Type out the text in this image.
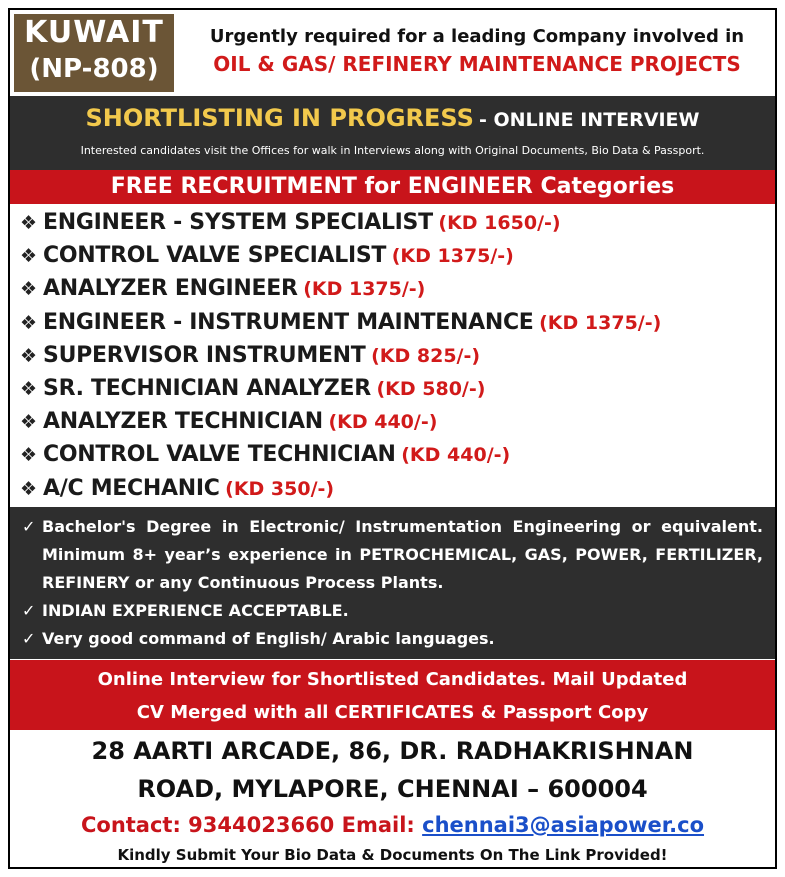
KUWAIT
(NP-808)
Urgently required for a leading Company involved in
OIL & GAS/ REFINERY MAINTENANCE PROJECTS
SHORTLISTING IN PROGRESS - ONLINE INTERVIEW
Interested candidates visit the Offices for walk in Interviews along with Original Documents, Bio Data & Passport.
FREE RECRUITMENT for ENGINEER Categories
❖ ENGINEER - SYSTEM SPECIALIST (KD 1650/-)
❖ CONTROL VALVE SPECIALIST (KD 1375/-)
❖ ANALYZER ENGINEER (KD 1375/-)
❖ ENGINEER - INSTRUMENT MAINTENANCE (KD 1375/-)
❖ SUPERVISOR INSTRUMENT (KD 825/-)
❖ SR. TECHNICIAN ANALYZER (KD 580/-)
❖ ANALYZER TECHNICIAN (KD 440/-)
❖ CONTROL VALVE TECHNICIAN (KD 440/-)
❖ A/C MECHANIC (KD 350/-)
✓ Bachelor's Degree in Electronic/ Instrumentation Engineering or equivalent. Minimum 8+ year’s experience in PETROCHEMICAL, GAS, POWER, FERTILIZER, REFINERY or any Continuous Process Plants.
✓ INDIAN EXPERIENCE ACCEPTABLE.
✓ Very good command of English/ Arabic languages.
Online Interview for Shortlisted Candidates. Mail Updated
CV Merged with all CERTIFICATES & Passport Copy
28 AARTI ARCADE, 86, DR. RADHAKRISHNAN
ROAD, MYLAPORE, CHENNAI – 600004
Contact: 9344023660 Email: chennai3@asiapower.co
Kindly Submit Your Bio Data & Documents On The Link Provided!
